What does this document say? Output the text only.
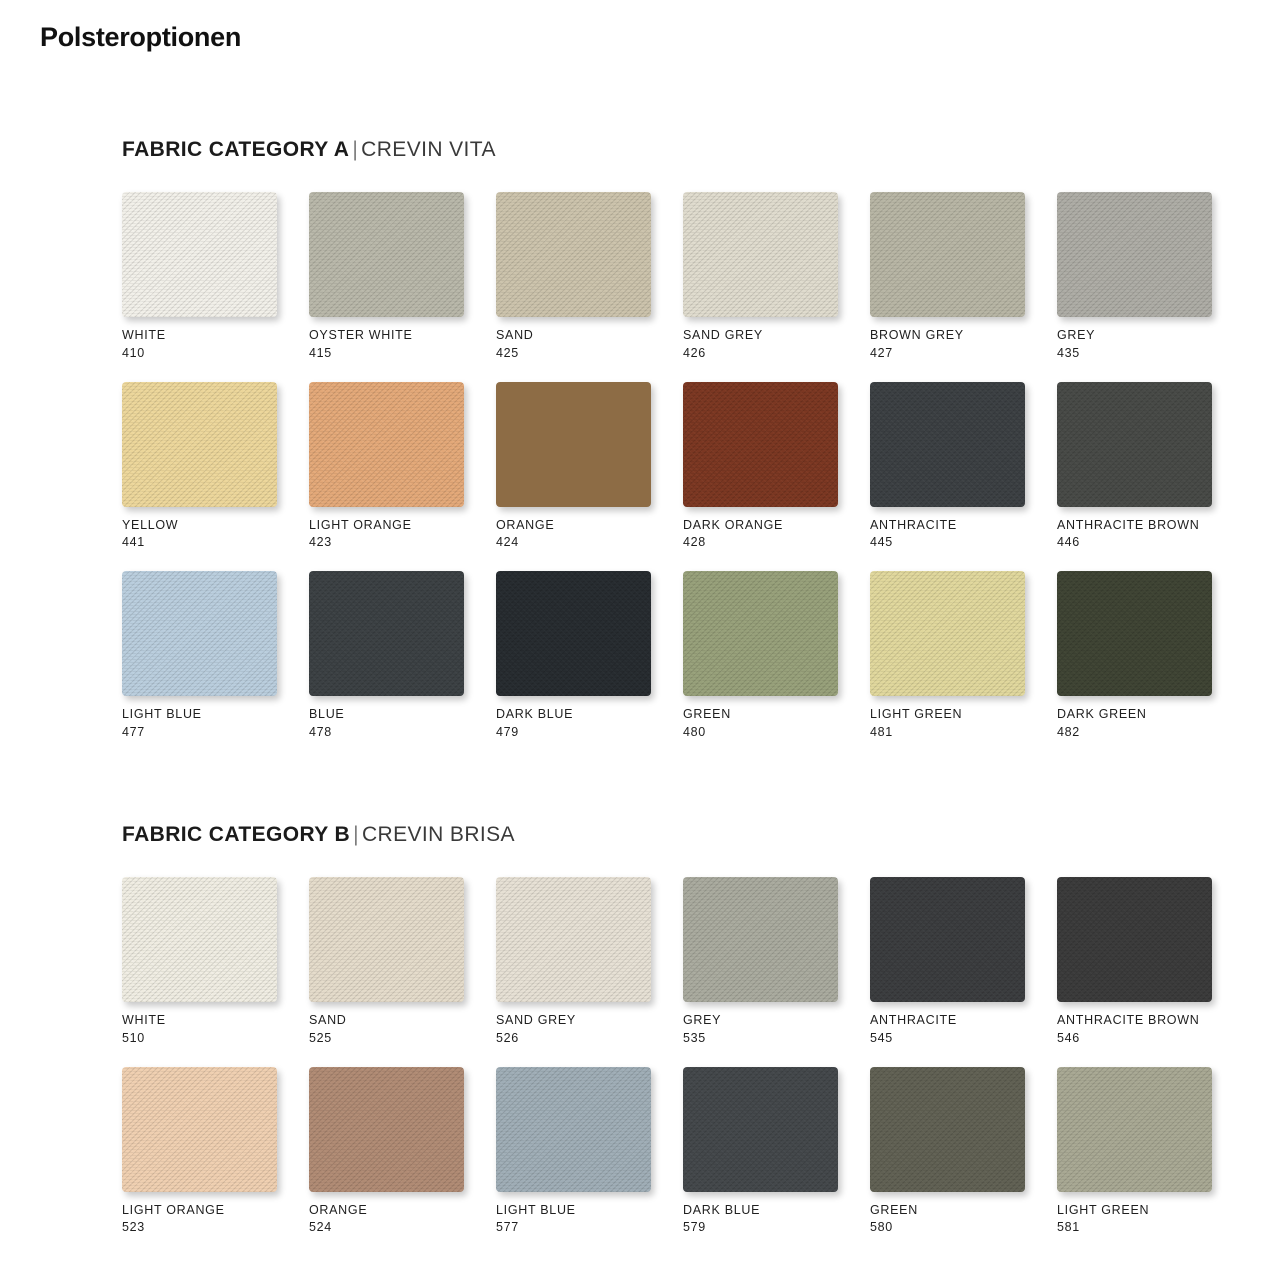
Polsteroptionen
FABRIC CATEGORY A | CREVIN VITA
WHITE
410
OYSTER WHITE
415
SAND
425
SAND GREY
426
BROWN GREY
427
GREY
435
YELLOW
441
LIGHT ORANGE
423
ORANGE
424
DARK ORANGE
428
ANTHRACITE
445
ANTHRACITE BROWN
446
LIGHT BLUE
477
BLUE
478
DARK BLUE
479
GREEN
480
LIGHT GREEN
481
DARK GREEN
482
FABRIC CATEGORY B | CREVIN BRISA
WHITE
510
SAND
525
SAND GREY
526
GREY
535
ANTHRACITE
545
ANTHRACITE BROWN
546
LIGHT ORANGE
523
ORANGE
524
LIGHT BLUE
577
DARK BLUE
579
GREEN
580
LIGHT GREEN
581
